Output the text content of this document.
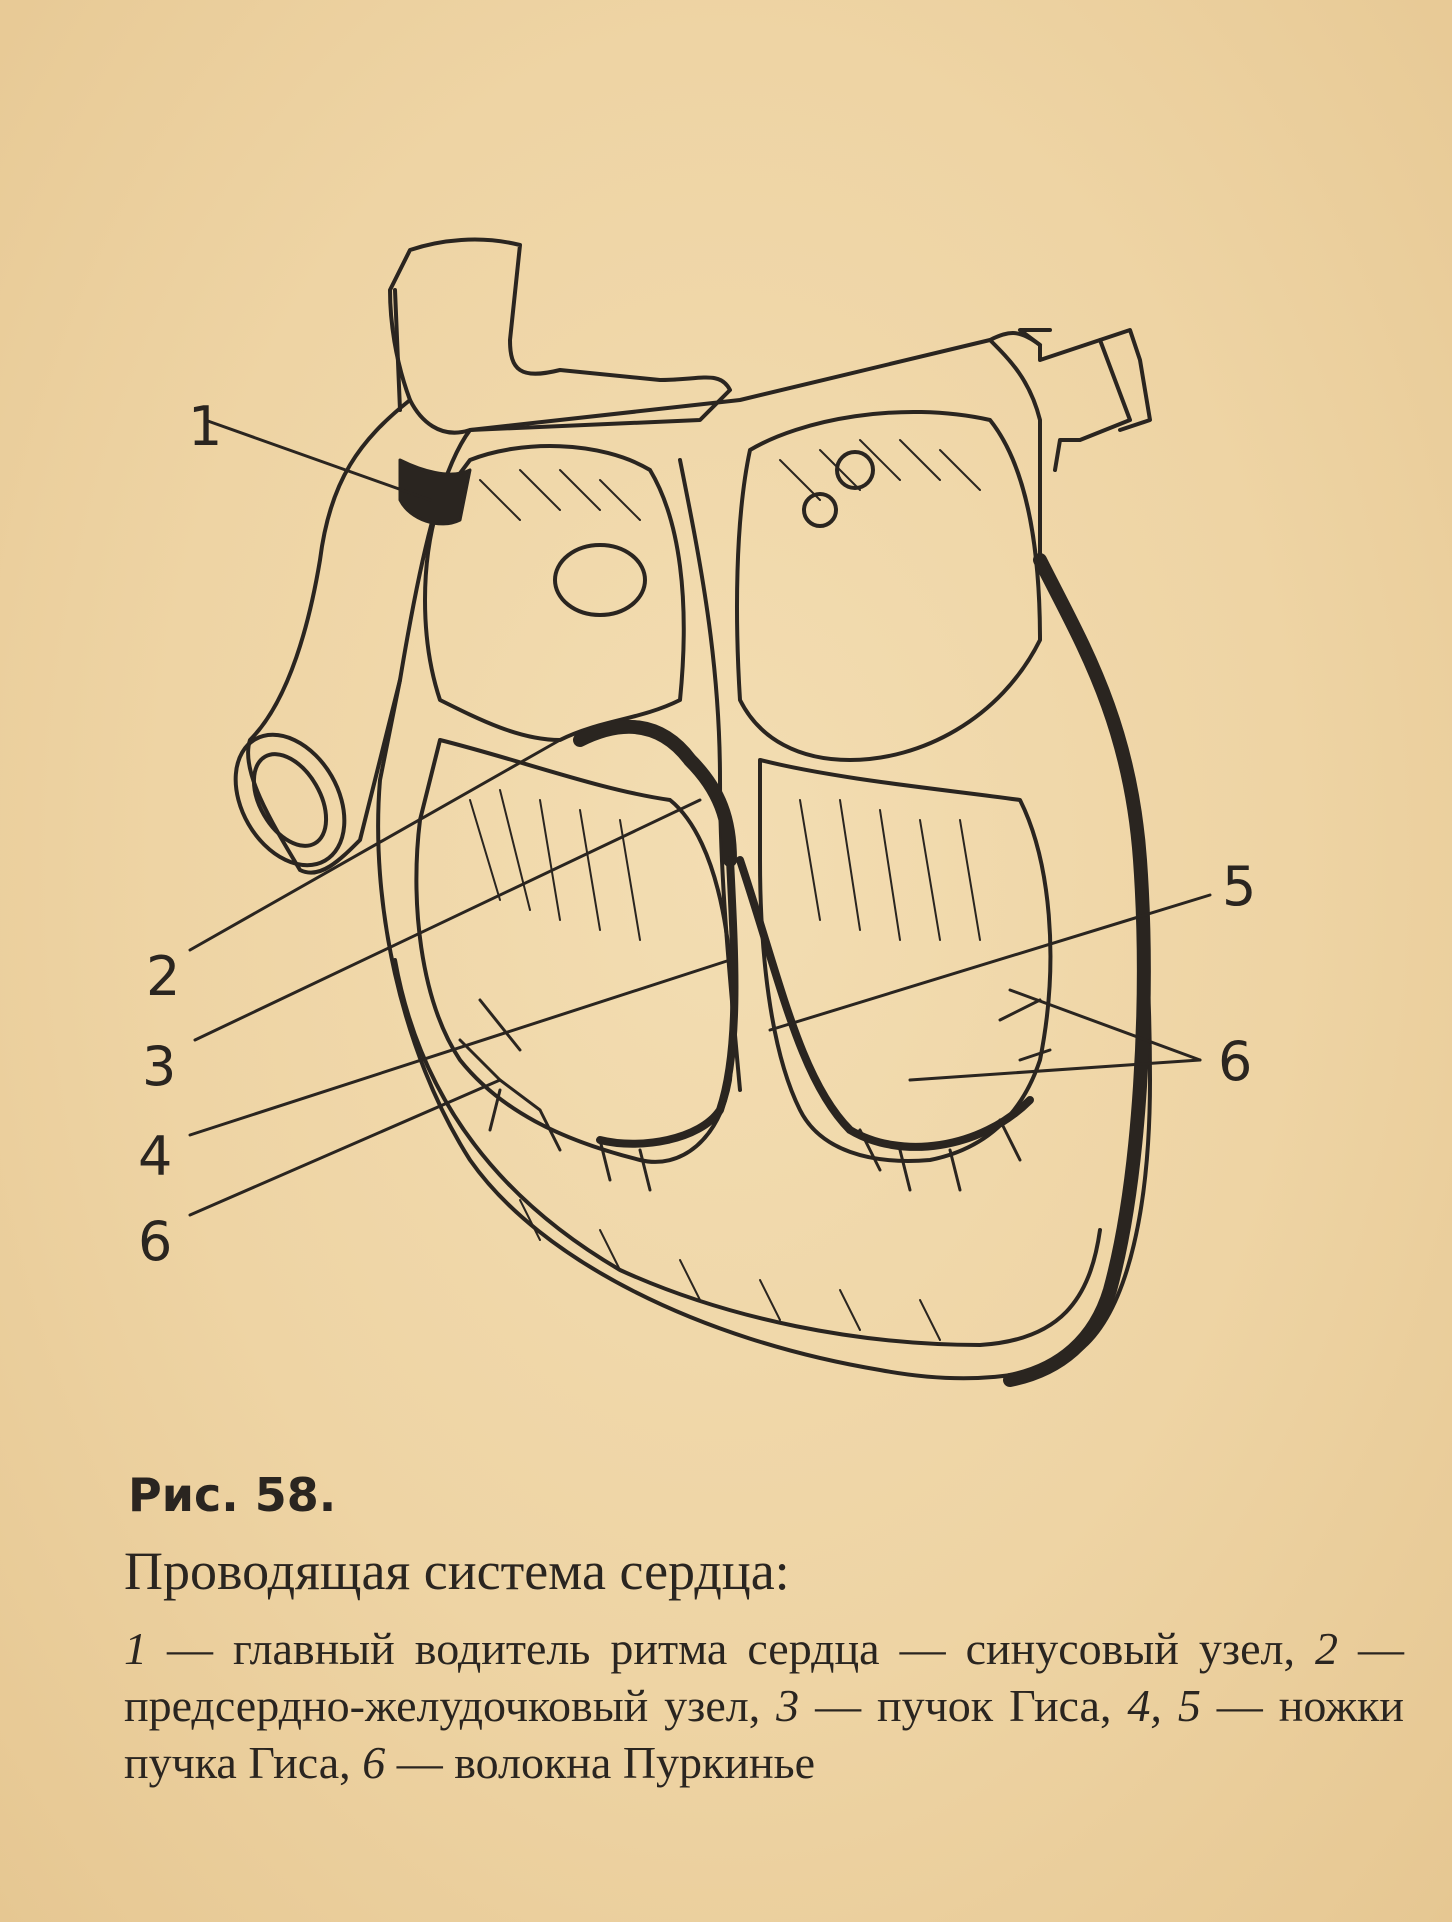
1
2
3
4
5
6
6
Рис. 58.
Проводящая система сердца:
1 — главный водитель ритма сердца — синусовый узел, 2 — предсердно-желудочковый узел, 3 — пучок Гиса, 4, 5 — ножки пучка Гиса, 6 — волокна Пуркинье
